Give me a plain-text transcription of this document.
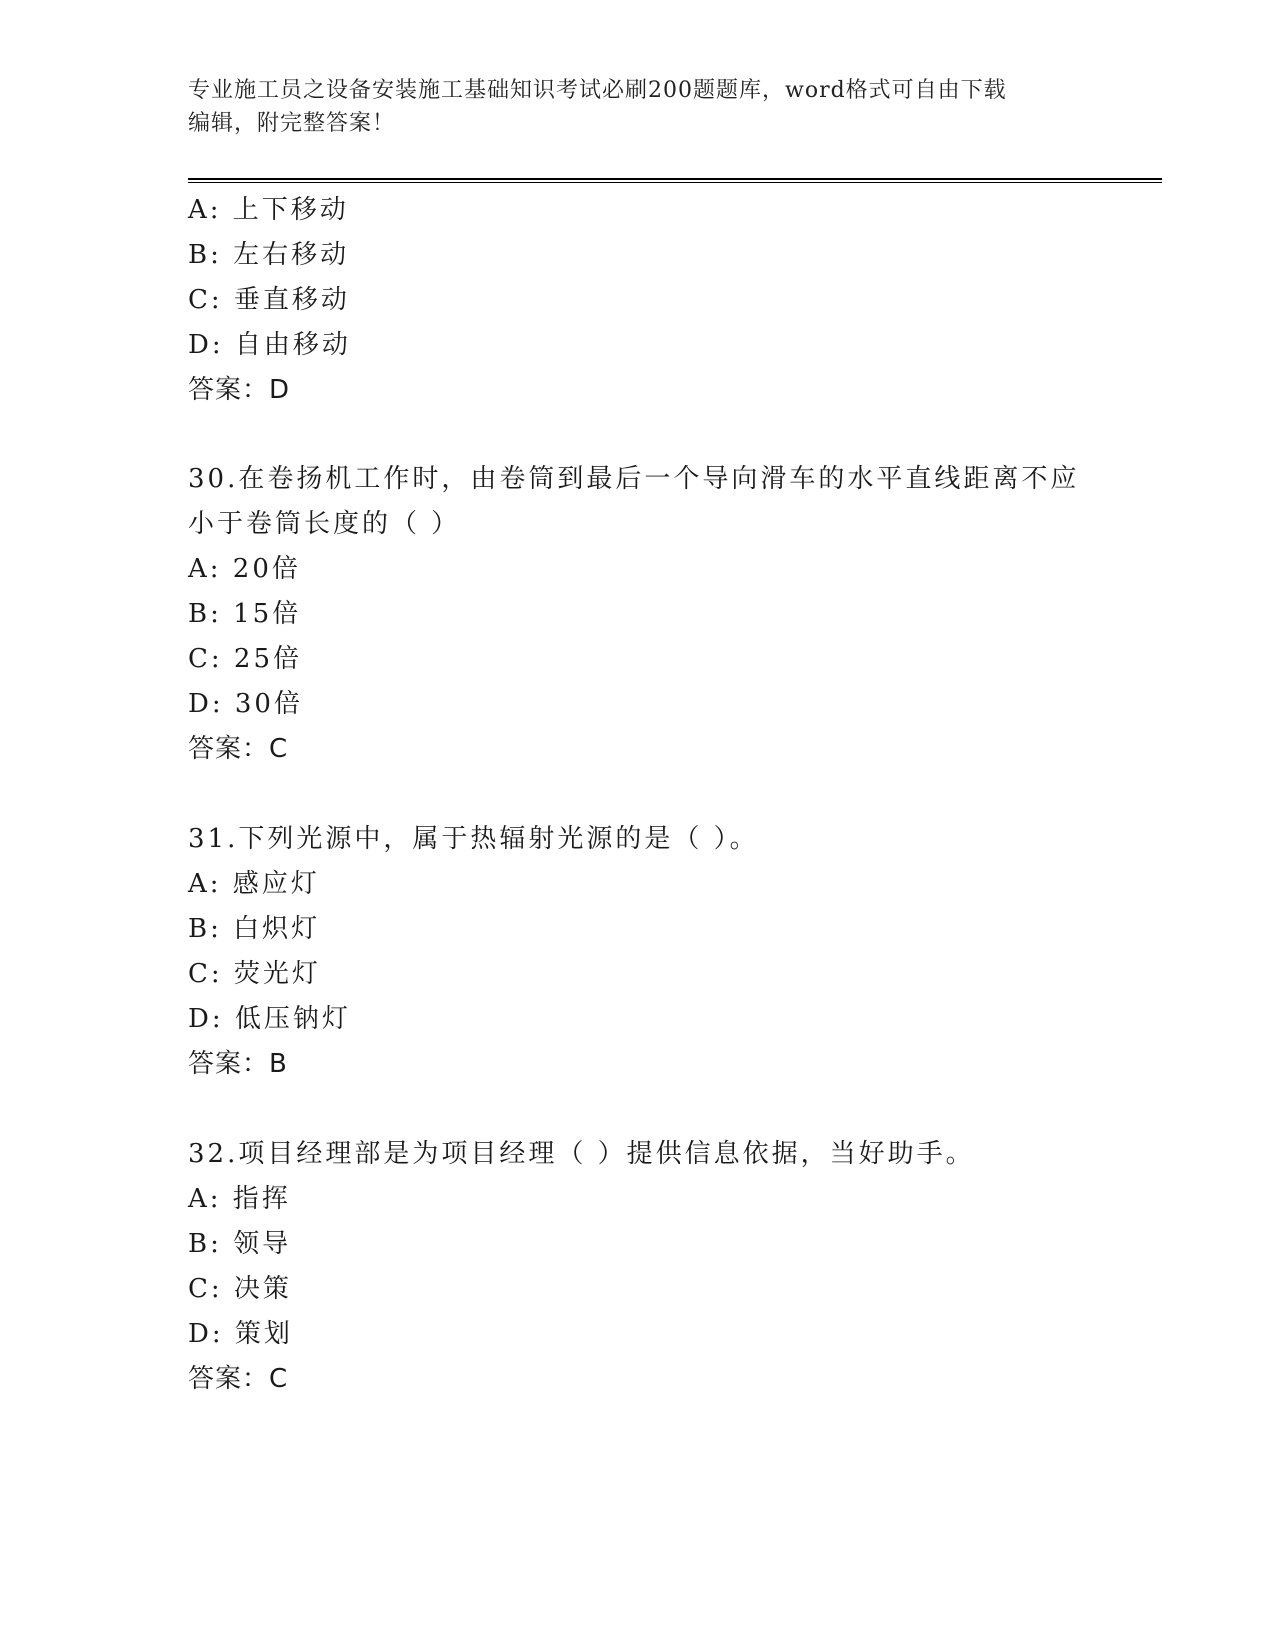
专业施工员之设备安装施工基础知识考试必刷200题题库，word格式可自由下载
编辑，附完整答案！
A: 上下移动
B: 左右移动
C: 垂直移动
D: 自由移动
答案：D
30.在卷扬机工作时，由卷筒到最后一个导向滑车的水平直线距离不应
小于卷筒长度的（ ）
A: 20倍
B: 15倍
C: 25倍
D: 30倍
答案：C
31.下列光源中，属于热辐射光源的是（ ）。
A: 感应灯
B: 白炽灯
C: 荧光灯
D: 低压钠灯
答案：B
32.项目经理部是为项目经理（ ）提供信息依据，当好助手。
A: 指挥
B: 领导
C: 决策
D: 策划
答案：C
